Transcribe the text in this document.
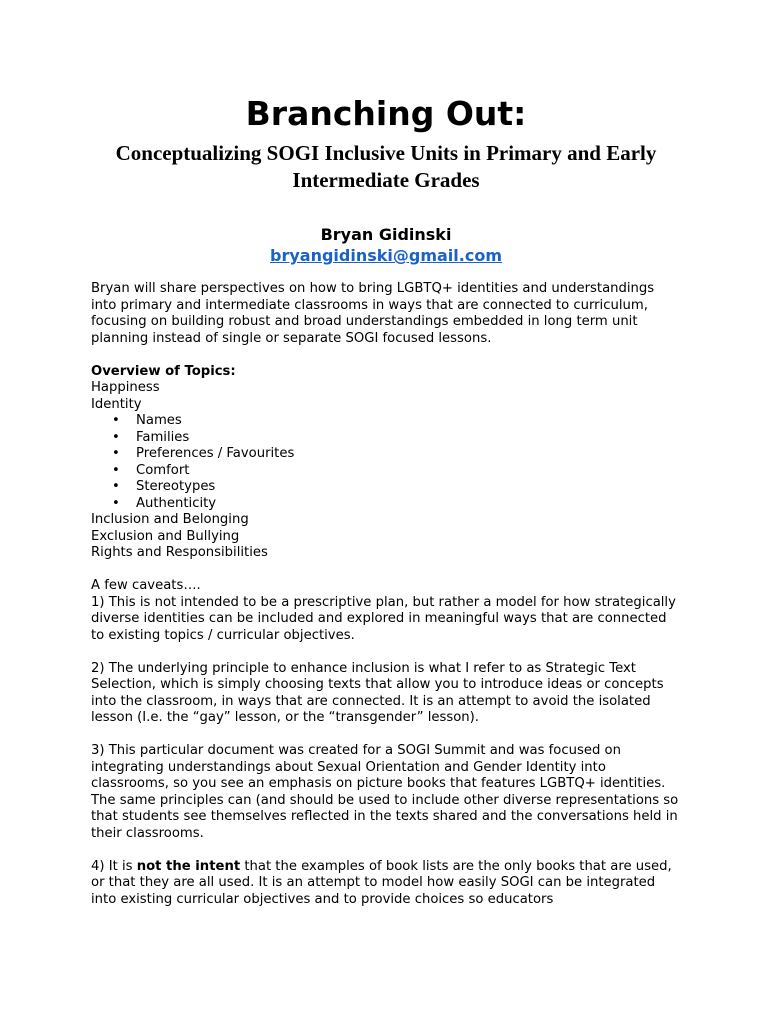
Branching Out:
Conceptualizing SOGI Inclusive Units in Primary and Early Intermediate Grades
Bryan Gidinski
bryangidinski@gmail.com

Bryan will share perspectives on how to bring LGBTQ+ identities and understandings into primary and intermediate classrooms in ways that are connected to curriculum, focusing on building robust and broad understandings embedded in long term unit planning instead of single or separate SOGI focused lessons.

Overview of Topics:
Happiness
Identity
• Names
• Families
• Preferences / Favourites
• Comfort
• Stereotypes
• Authenticity
Inclusion and Belonging
Exclusion and Bullying
Rights and Responsibilities

A few caveats….

1) This is not intended to be a prescriptive plan, but rather a model for how strategically diverse identities can be included and explored in meaningful ways that are connected to existing topics / curricular objectives.

2) The underlying principle to enhance inclusion is what I refer to as Strategic Text Selection, which is simply choosing texts that allow you to introduce ideas or concepts into the classroom, in ways that are connected. It is an attempt to avoid the isolated lesson (I.e. the “gay” lesson, or the “transgender” lesson).

3) This particular document was created for a SOGI Summit and was focused on integrating understandings about Sexual Orientation and Gender Identity into classrooms, so you see an emphasis on picture books that features LGBTQ+ identities. The same principles can (and should be used to include other diverse representations so that students see themselves reflected in the texts shared and the conversations held in their classrooms.

4) It is not the intent that the examples of book lists are the only books that are used, or that they are all used. It is an attempt to model how easily SOGI can be integrated into existing curricular objectives and to provide choices so educators
